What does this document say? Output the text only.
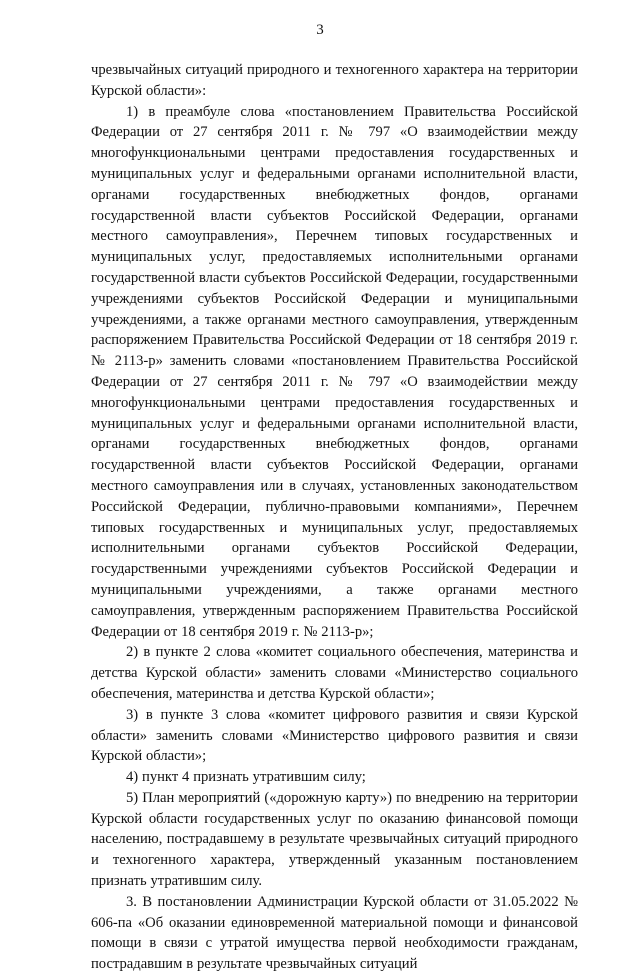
3

чрезвычайных ситуаций природного и техногенного характера на территории Курской области»:

1) в преамбуле слова «постановлением Правительства Российской Федерации от 27 сентября 2011 г. № 797 «О взаимодействии между многофункциональными центрами предоставления государственных и муниципальных услуг и федеральными органами исполнительной власти, органами государственных внебюджетных фондов, органами государственной власти субъектов Российской Федерации, органами местного самоуправления», Перечнем типовых государственных и муниципальных услуг, предоставляемых исполнительными органами государственной власти субъектов Российской Федерации, государственными учреждениями субъектов Российской Федерации и муниципальными учреждениями, а также органами местного самоуправления, утвержденным распоряжением Правительства Российской Федерации от 18 сентября 2019 г. № 2113-р» заменить словами «постановлением Правительства Российской Федерации от 27 сентября 2011 г. № 797 «О взаимодействии между многофункциональными центрами предоставления государственных и муниципальных услуг и федеральными органами исполнительной власти, органами государственных внебюджетных фондов, органами государственной власти субъектов Российской Федерации, органами местного самоуправления или в случаях, установленных законодательством Российской Федерации, публично-правовыми компаниями», Перечнем типовых государственных и муниципальных услуг, предоставляемых исполнительными органами субъектов Российской Федерации, государственными учреждениями субъектов Российской Федерации и муниципальными учреждениями, а также органами местного самоуправления, утвержденным распоряжением Правительства Российской Федерации от 18 сентября 2019 г. № 2113-р»;

2) в пункте 2 слова «комитет социального обеспечения, материнства и детства Курской области» заменить словами «Министерство социального обеспечения, материнства и детства Курской области»;

3) в пункте 3 слова «комитет цифрового развития и связи Курской области» заменить словами «Министерство цифрового развития и связи Курской области»;

4) пункт 4 признать утратившим силу;

5) План мероприятий («дорожную карту») по внедрению на территории Курской области государственных услуг по оказанию финансовой помощи населению, пострадавшему в результате чрезвычайных ситуаций природного и техногенного характера, утвержденный указанным постановлением признать утратившим силу.

3. В постановлении Администрации Курской области от 31.05.2022 № 606-па «Об оказании единовременной материальной помощи и финансовой помощи в связи с утратой имущества первой необходимости гражданам, пострадавшим в результате чрезвычайных ситуаций
